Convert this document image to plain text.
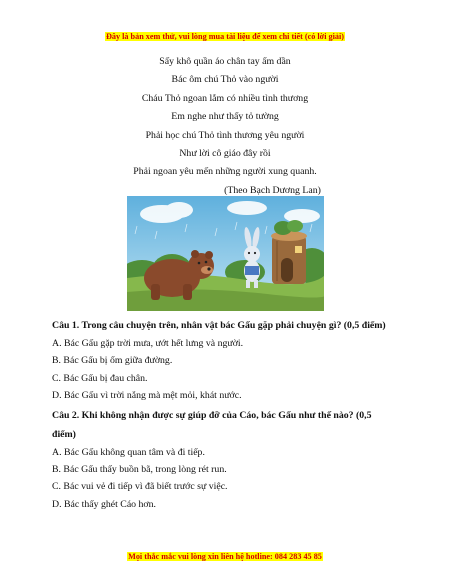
Đây là bản xem thử, vui lòng mua tài liệu để xem chi tiết (có lời giải)
Sấy khô quần áo chân tay ấm dần
Bác ôm chú Thỏ vào người
Cháu Thỏ ngoan lắm có nhiều tình thương
Em nghe như thấy tỏ tường
Phải học chú Thỏ tình thương yêu người
Như lời cô giáo đây rồi
Phải ngoan yêu mến những người xung quanh.
(Theo Bạch Dương Lan)

Câu 1. Trong câu chuyện trên, nhân vật bác Gấu gặp phải chuyện gì? (0,5 điểm)

A. Bác Gấu gặp trời mưa, ướt hết lưng và người.

B. Bác Gấu bị ốm giữa đường.

C. Bác Gấu bị đau chân.

D. Bác Gấu vì trời nắng mà mệt mỏi, khát nước.

Câu 2. Khi không nhận được sự giúp đỡ của Cáo, bác Gấu như thế nào? (0,5 điểm)

A. Bác Gấu không quan tâm và đi tiếp.

B. Bác Gấu thấy buồn bã, trong lòng rét run.

C. Bác vui vẻ đi tiếp vì đã biết trước sự việc.

D. Bác thấy ghét Cáo hơn.

Mọi thắc mắc vui lòng xin liên hệ hotline: 084 283 45 85
